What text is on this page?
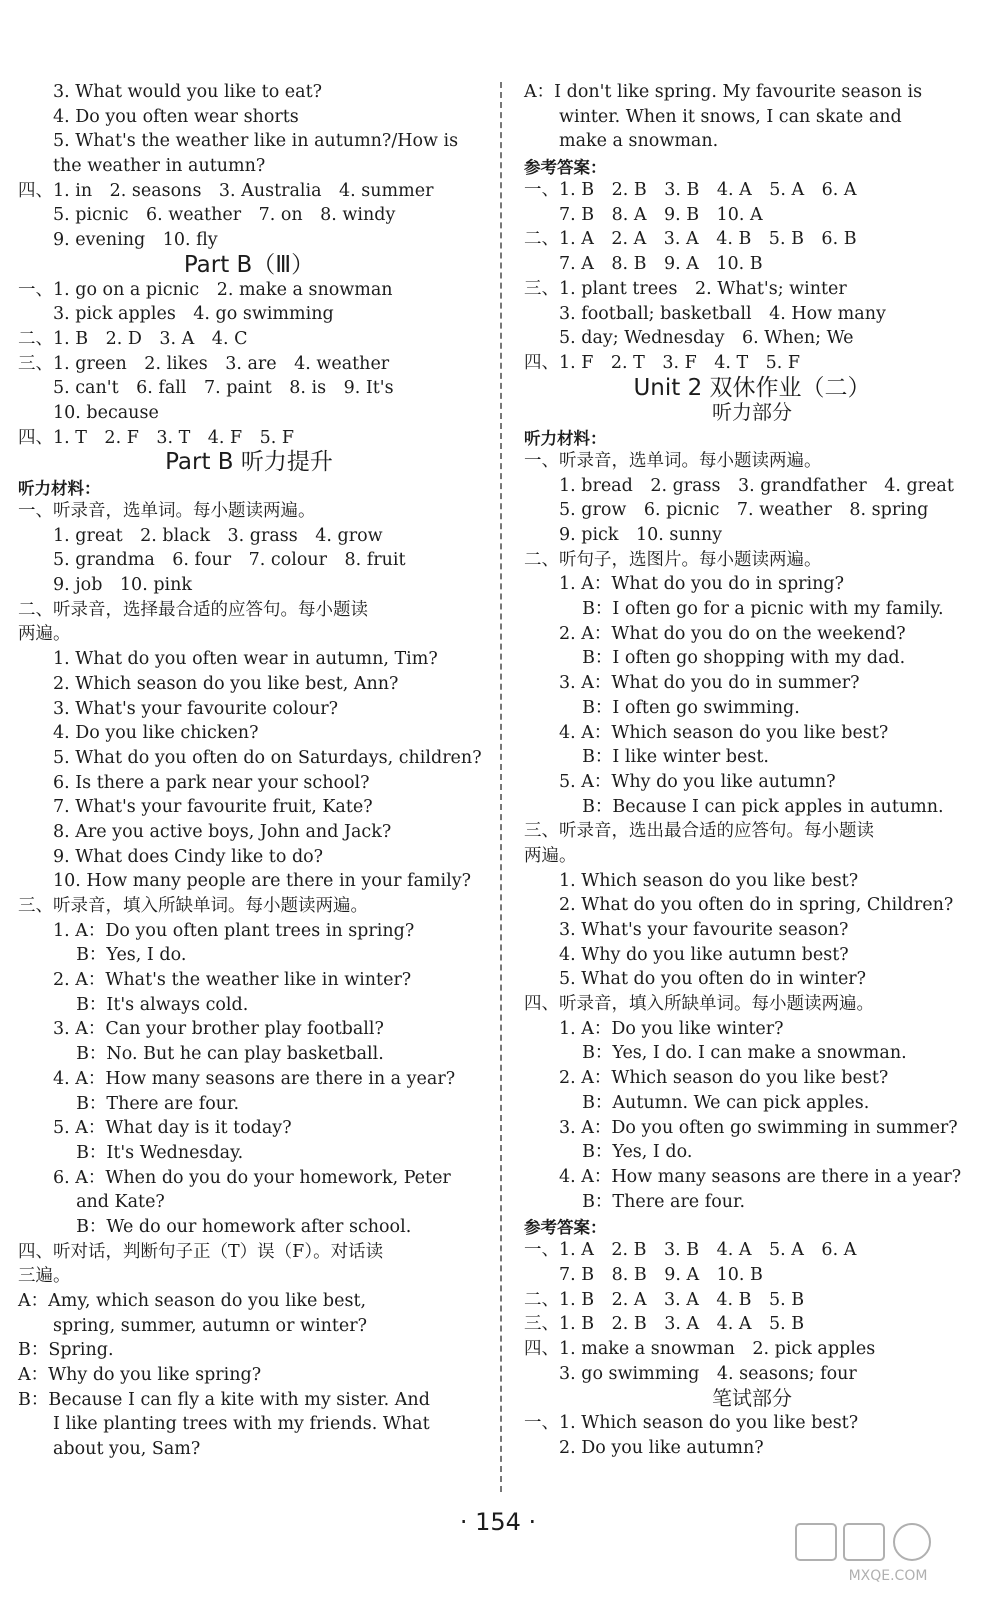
　　3. What would you like to eat?
　　4. Do you often wear shorts
　　5. What's the weather like in autumn?/How is
　　the weather in autumn?
四、1. in　2. seasons　3. Australia　4. summer
　　5. picnic　6. weather　7. on　8. windy
　　9. evening　10. fly
Part B（Ⅲ）
一、1. go on a picnic　2. make a snowman
　　3. pick apples　4. go swimming
二、1. B　2. D　3. A　4. C
三、1. green　2. likes　3. are　4. weather
　　5. can't　6. fall　7. paint　8. is　9. It's
　　10. because
四、1. T　2. F　3. T　4. F　5. F
Part B 听力提升
听力材料：
一、听录音，选单词。每小题读两遍。
　　1. great　2. black　3. grass　4. grow
　　5. grandma　6. four　7. colour　8. fruit
　　9. job　10. pink
二、听录音，选择最合适的应答句。每小题读
两遍。
　　1. What do you often wear in autumn, Tim?
　　2. Which season do you like best, Ann?
　　3. What's your favourite colour?
　　4. Do you like chicken?
　　5. What do you often do on Saturdays, children?
　　6. Is there a park near your school?
　　7. What's your favourite fruit, Kate?
　　8. Are you active boys, John and Jack?
　　9. What does Cindy like to do?
　　10. How many people are there in your family?
三、听录音，填入所缺单词。每小题读两遍。
　　1. A：Do you often plant trees in spring?
　　　 B：Yes, I do.
　　2. A：What's the weather like in winter?
　　　 B：It's always cold.
　　3. A：Can your brother play football?
　　　 B：No. But he can play basketball.
　　4. A：How many seasons are there in a year?
　　　 B：There are four.
　　5. A：What day is it today?
　　　 B：It's Wednesday.
　　6. A：When do you do your homework, Peter
　　　 and Kate?
　　　 B：We do our homework after school.
四、听对话，判断句子正（T）误（F）。对话读
三遍。
A：Amy, which season do you like best,
　　spring, summer, autumn or winter?
B：Spring.
A：Why do you like spring?
B：Because I can fly a kite with my sister. And
　　I like planting trees with my friends. What
　　about you, Sam?
A：I don't like spring. My favourite season is
　　winter. When it snows, I can skate and
　　make a snowman.
参考答案：
一、1. B　2. B　3. B　4. A　5. A　6. A
　　7. B　8. A　9. B　10. A
二、1. A　2. A　3. A　4. B　5. B　6. B
　　7. A　8. B　9. A　10. B
三、1. plant trees　2. What's; winter
　　3. football; basketball　4. How many
　　5. day; Wednesday　6. When; We
四、1. F　2. T　3. F　4. T　5. F
Unit 2 双休作业（二）
听力部分
听力材料：
一、听录音，选单词。每小题读两遍。
　　1. bread　2. grass　3. grandfather　4. great
　　5. grow　6. picnic　7. weather　8. spring
　　9. pick　10. sunny
二、听句子，选图片。每小题读两遍。
　　1. A：What do you do in spring?
　　　 B：I often go for a picnic with my family.
　　2. A：What do you do on the weekend?
　　　 B：I often go shopping with my dad.
　　3. A：What do you do in summer?
　　　 B：I often go swimming.
　　4. A：Which season do you like best?
　　　 B：I like winter best.
　　5. A：Why do you like autumn?
　　　 B：Because I can pick apples in autumn.
三、听录音，选出最合适的应答句。每小题读
两遍。
　　1. Which season do you like best?
　　2. What do you often do in spring, Children?
　　3. What's your favourite season?
　　4. Why do you like autumn best?
　　5. What do you often do in winter?
四、听录音，填入所缺单词。每小题读两遍。
　　1. A：Do you like winter?
　　　 B：Yes, I do. I can make a snowman.
　　2. A：Which season do you like best?
　　　 B：Autumn. We can pick apples.
　　3. A：Do you often go swimming in summer?
　　　 B：Yes, I do.
　　4. A：How many seasons are there in a year?
　　　 B：There are four.
参考答案：
一、1. A　2. B　3. B　4. A　5. A　6. A
　　7. B　8. B　9. A　10. B
二、1. B　2. A　3. A　4. B　5. B
三、1. B　2. B　3. A　4. A　5. B
四、1. make a snowman　2. pick apples
　　3. go swimming　4. seasons; four
笔试部分
一、1. Which season do you like best?
　　2. Do you like autumn?
· 154 ·
MXQE.COM
